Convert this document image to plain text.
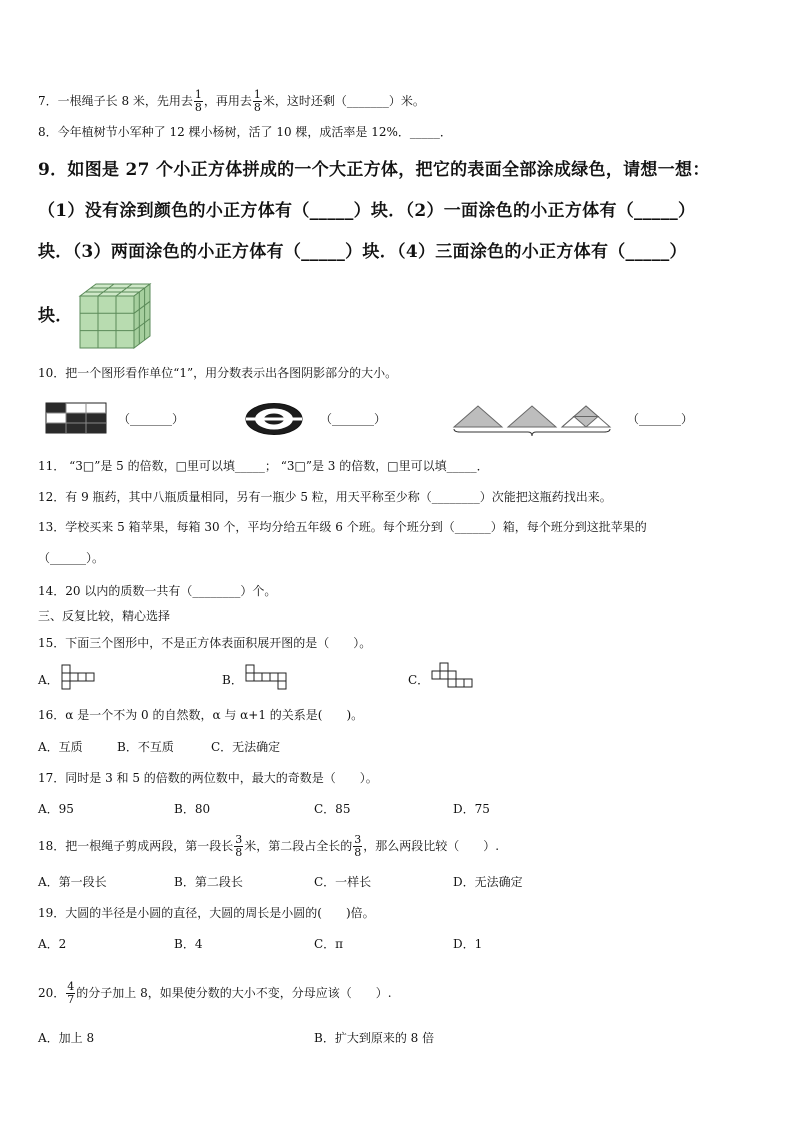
7．一根绳子长 8 米，先用去 $\frac{1}{8}$ ，再用去 $\frac{1}{8}$ 米，这时还剩（_______）米。
8．今年植树节小军种了 12 棵小杨树，活了 10 棵，成活率是 12%．_____．
9．如图是 27 个小正方体拼成的一个大正方体，把它的表面全部涂成绿色，请想一想：
（1）没有涂到颜色的小正方体有（_____）块．（2）一面涂色的小正方体有（_____）
块．（3）两面涂色的小正方体有（_____）块．（4）三面涂色的小正方体有（_____）
块．
10．把一个图形看作单位“1”，用分数表示出各图阴影部分的大小。
（_______）	（_______）	（_______）
11． “3□”是 5 的倍数，□里可以填_____； “3□”是 3 的倍数，□里可以填_____．
12．有 9 瓶药，其中八瓶质量相同，另有一瓶少 5 粒，用天平称至少称（________）次能把这瓶药找出来。
13．学校买来 5 箱苹果，每箱 30 个，平均分给五年级 6 个班。每个班分到（______）箱，每个班分到这批苹果的
（______）。
14．20 以内的质数一共有（________）个。
三、反复比较，精心选择
15．下面三个图形中，不是正方体表面积展开图的是（　　）。
A．	B．	C．
16．α 是一个不为 0 的自然数，α 与 α+1 的关系是(　　)。
A．互质	B．不互质	C．无法确定
17．同时是 3 和 5 的倍数的两位数中，最大的奇数是（　　）。
A．95	B．80	C．85	D．75
18．把一根绳子剪成两段，第一段长 $\frac{3}{8}$ 米，第二段占全长的 $\frac{3}{8}$ ，那么两段比较（　　）.
A．第一段长	B．第二段长	C．一样长	D．无法确定
19．大圆的半径是小圆的直径，大圆的周长是小圆的(　　)倍。
A．2	B．4	C．π	D．1
20． $\frac{4}{7}$ 的分子加上 8，如果使分数的大小不变，分母应该（　　）.
A．加上 8	B．扩大到原来的 8 倍
